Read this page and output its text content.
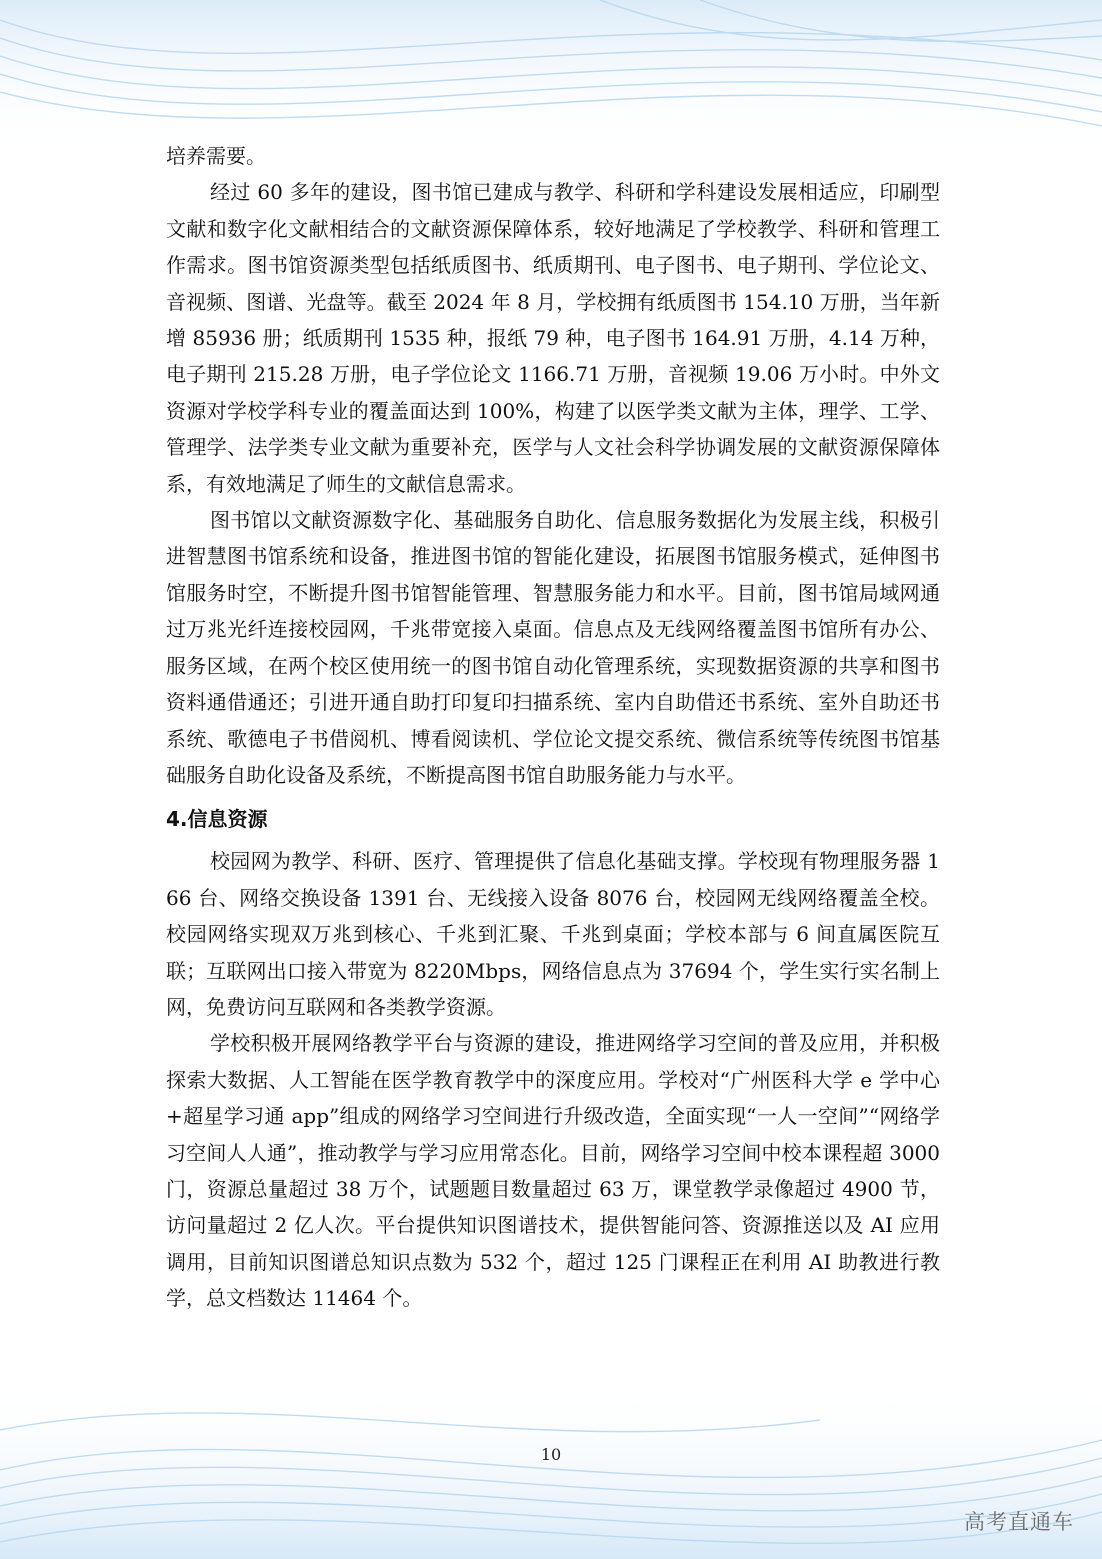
培养需要。

经过 60 多年的建设，图书馆已建成与教学、科研和学科建设发展相适应，印刷型文献和数字化文献相结合的文献资源保障体系，较好地满足了学校教学、科研和管理工作需求。图书馆资源类型包括纸质图书、纸质期刊、电子图书、电子期刊、学位论文、音视频、图谱、光盘等。截至 2024 年 8 月，学校拥有纸质图书 154.10 万册，当年新增 85936 册；纸质期刊 1535 种，报纸 79 种，电子图书 164.91 万册，4.14 万种，电子期刊 215.28 万册，电子学位论文 1166.71 万册，音视频 19.06 万小时。中外文资源对学校学科专业的覆盖面达到 100%，构建了以医学类文献为主体，理学、工学、管理学、法学类专业文献为重要补充，医学与人文社会科学协调发展的文献资源保障体系，有效地满足了师生的文献信息需求。

图书馆以文献资源数字化、基础服务自助化、信息服务数据化为发展主线，积极引进智慧图书馆系统和设备，推进图书馆的智能化建设，拓展图书馆服务模式，延伸图书馆服务时空，不断提升图书馆智能管理、智慧服务能力和水平。目前，图书馆局域网通过万兆光纤连接校园网，千兆带宽接入桌面。信息点及无线网络覆盖图书馆所有办公、服务区域，在两个校区使用统一的图书馆自动化管理系统，实现数据资源的共享和图书资料通借通还；引进开通自助打印复印扫描系统、室内自助借还书系统、室外自助还书系统、歌德电子书借阅机、博看阅读机、学位论文提交系统、微信系统等传统图书馆基础服务自助化设备及系统，不断提高图书馆自助服务能力与水平。

4.信息资源

校园网为教学、科研、医疗、管理提供了信息化基础支撑。学校现有物理服务器 166 台、网络交换设备 1391 台、无线接入设备 8076 台，校园网无线网络覆盖全校。校园网络实现双万兆到核心、千兆到汇聚、千兆到桌面；学校本部与 6 间直属医院互联；互联网出口接入带宽为 8220Mbps，网络信息点为 37694 个，学生实行实名制上网，免费访问互联网和各类教学资源。

学校积极开展网络教学平台与资源的建设，推进网络学习空间的普及应用，并积极探索大数据、人工智能在医学教育教学中的深度应用。学校对“广州医科大学 e 学中心+超星学习通 app”组成的网络学习空间进行升级改造，全面实现“一人一空间”“网络学习空间人人通”，推动教学与学习应用常态化。目前，网络学习空间中校本课程超 3000 门，资源总量超过 38 万个，试题题目数量超过 63 万，课堂教学录像超过 4900 节，访问量超过 2 亿人次。平台提供知识图谱技术，提供智能问答、资源推送以及 AI 应用调用，目前知识图谱总知识点数为 532 个，超过 125 门课程正在利用 AI 助教进行教学，总文档数达 11464 个。

10
高考直通车
